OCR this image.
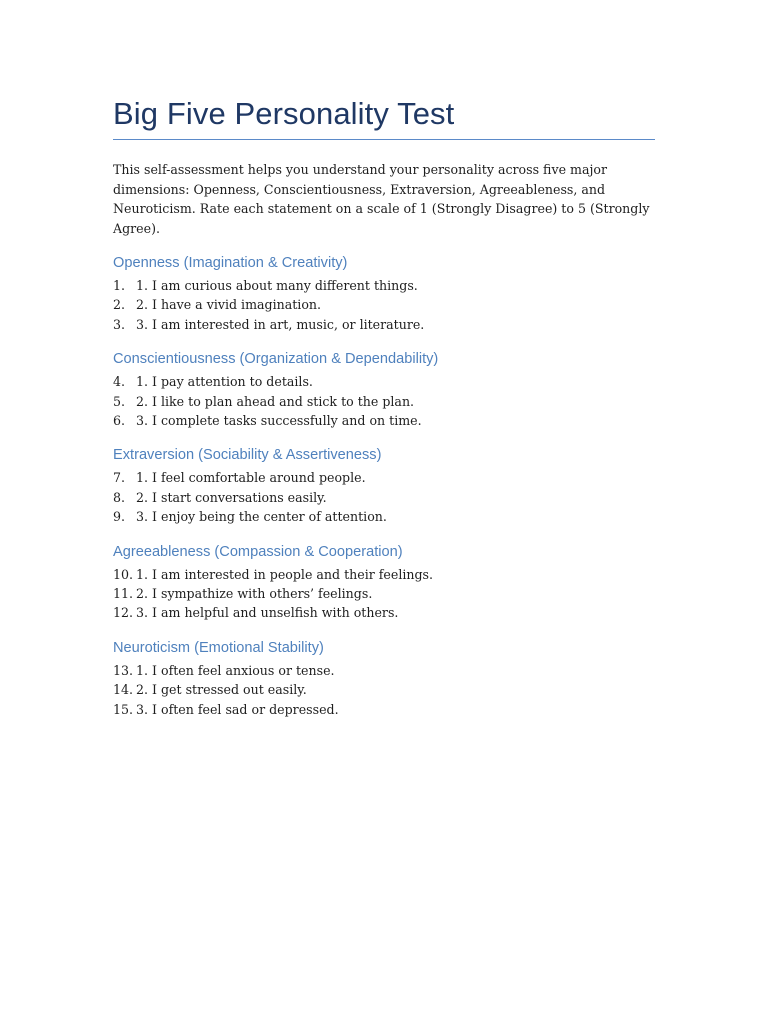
Big Five Personality Test

This self-assessment helps you understand your personality across five major dimensions: Openness, Conscientiousness, Extraversion, Agreeableness, and Neuroticism. Rate each statement on a scale of 1 (Strongly Disagree) to 5 (Strongly Agree).

Openness (Imagination & Creativity)
1. 1. I am curious about many different things.
2. 2. I have a vivid imagination.
3. 3. I am interested in art, music, or literature.
Conscientiousness (Organization & Dependability)
4. 1. I pay attention to details.
5. 2. I like to plan ahead and stick to the plan.
6. 3. I complete tasks successfully and on time.
Extraversion (Sociability & Assertiveness)
7. 1. I feel comfortable around people.
8. 2. I start conversations easily.
9. 3. I enjoy being the center of attention.
Agreeableness (Compassion & Cooperation)
10. 1. I am interested in people and their feelings.
11. 2. I sympathize with others’ feelings.
12. 3. I am helpful and unselfish with others.
Neuroticism (Emotional Stability)
13. 1. I often feel anxious or tense.
14. 2. I get stressed out easily.
15. 3. I often feel sad or depressed.
